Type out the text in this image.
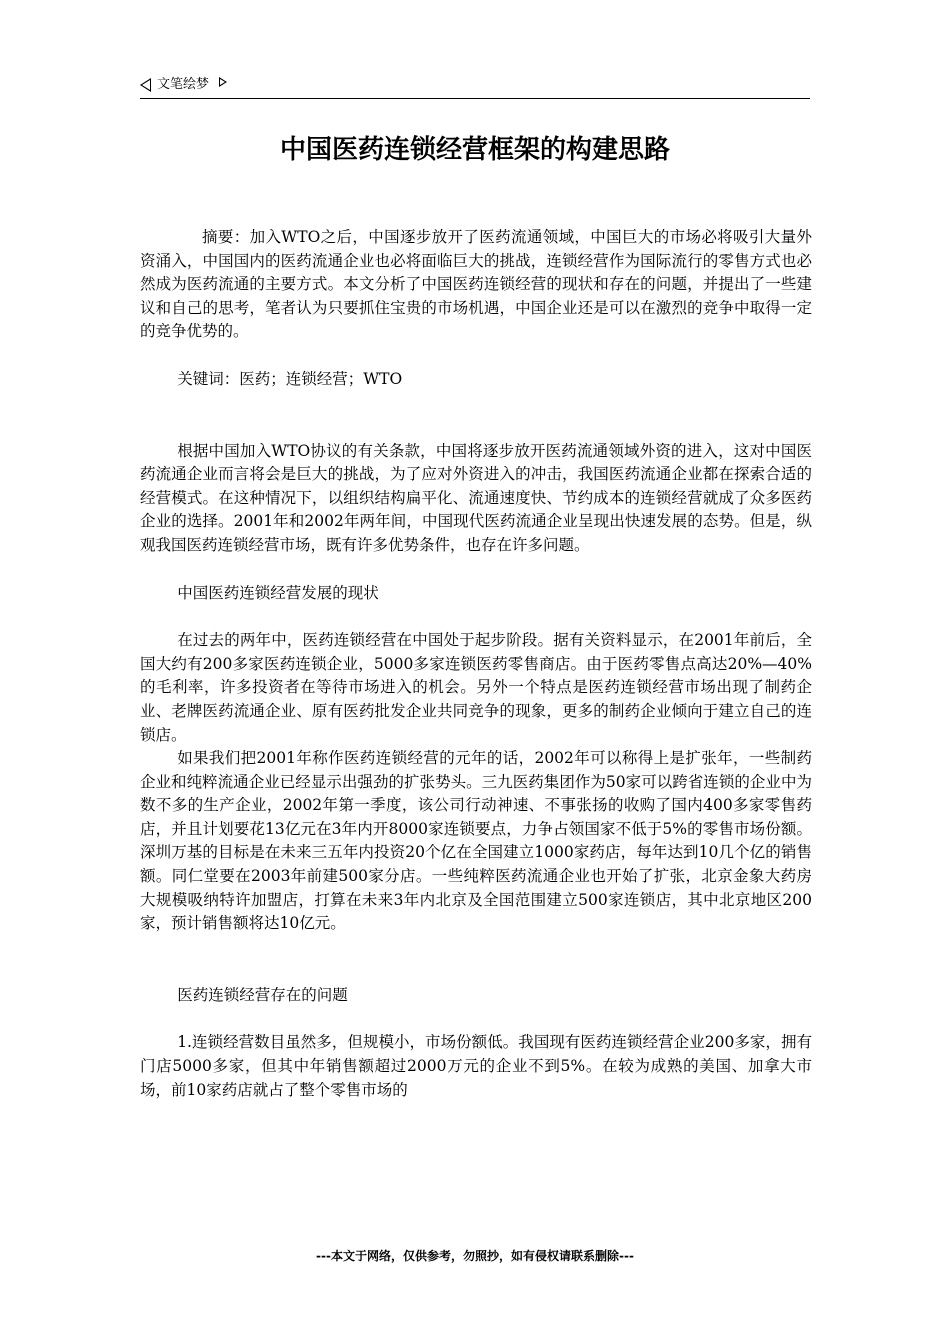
文笔绘梦
中国医药连锁经营框架的构建思路

摘要：加入WTO之后，中国逐步放开了医药流通领域，中国巨大的市场必将吸引大量外资涌入，中国国内的医药流通企业也必将面临巨大的挑战，连锁经营作为国际流行的零售方式也必然成为医药流通的主要方式。本文分析了中国医药连锁经营的现状和存在的问题，并提出了一些建议和自己的思考，笔者认为只要抓住宝贵的市场机遇，中国企业还是可以在激烈的竞争中取得一定的竞争优势的。

关键词：医药；连锁经营；WTO

根据中国加入WTO协议的有关条款，中国将逐步放开医药流通领域外资的进入，这对中国医药流通企业而言将会是巨大的挑战，为了应对外资进入的冲击，我国医药流通企业都在探索合适的经营模式。在这种情况下，以组织结构扁平化、流通速度快、节约成本的连锁经营就成了众多医药企业的选择。2001年和2002年两年间，中国现代医药流通企业呈现出快速发展的态势。但是，纵观我国医药连锁经营市场，既有许多优势条件，也存在许多问题。

中国医药连锁经营发展的现状

在过去的两年中，医药连锁经营在中国处于起步阶段。据有关资料显示，在2001年前后，全国大约有200多家医药连锁企业，5000多家连锁医药零售商店。由于医药零售点高达20%—40%的毛利率，许多投资者在等待市场进入的机会。另外一个特点是医药连锁经营市场出现了制药企业、老牌医药流通企业、原有医药批发企业共同竞争的现象，更多的制药企业倾向于建立自己的连锁店。

如果我们把2001年称作医药连锁经营的元年的话，2002年可以称得上是扩张年，一些制药企业和纯粹流通企业已经显示出强劲的扩张势头。三九医药集团作为50家可以跨省连锁的企业中为数不多的生产企业，2002年第一季度，该公司行动神速、不事张扬的收购了国内400多家零售药店，并且计划要花13亿元在3年内开8000家连锁要点，力争占领国家不低于5%的零售市场份额。深圳万基的目标是在未来三五年内投资20个亿在全国建立1000家药店，每年达到10几个亿的销售额。同仁堂要在2003年前建500家分店。一些纯粹医药流通企业也开始了扩张，北京金象大药房大规模吸纳特许加盟店，打算在未来3年内北京及全国范围建立500家连锁店，其中北京地区200家，预计销售额将达10亿元。

医药连锁经营存在的问题

1.连锁经营数目虽然多，但规模小，市场份额低。我国现有医药连锁经营企业200多家，拥有门店5000多家，但其中年销售额超过2000万元的企业不到5%。在较为成熟的美国、加拿大市场，前10家药店就占了整个零售市场的

---本文于网络，仅供参考，勿照抄，如有侵权请联系删除---
